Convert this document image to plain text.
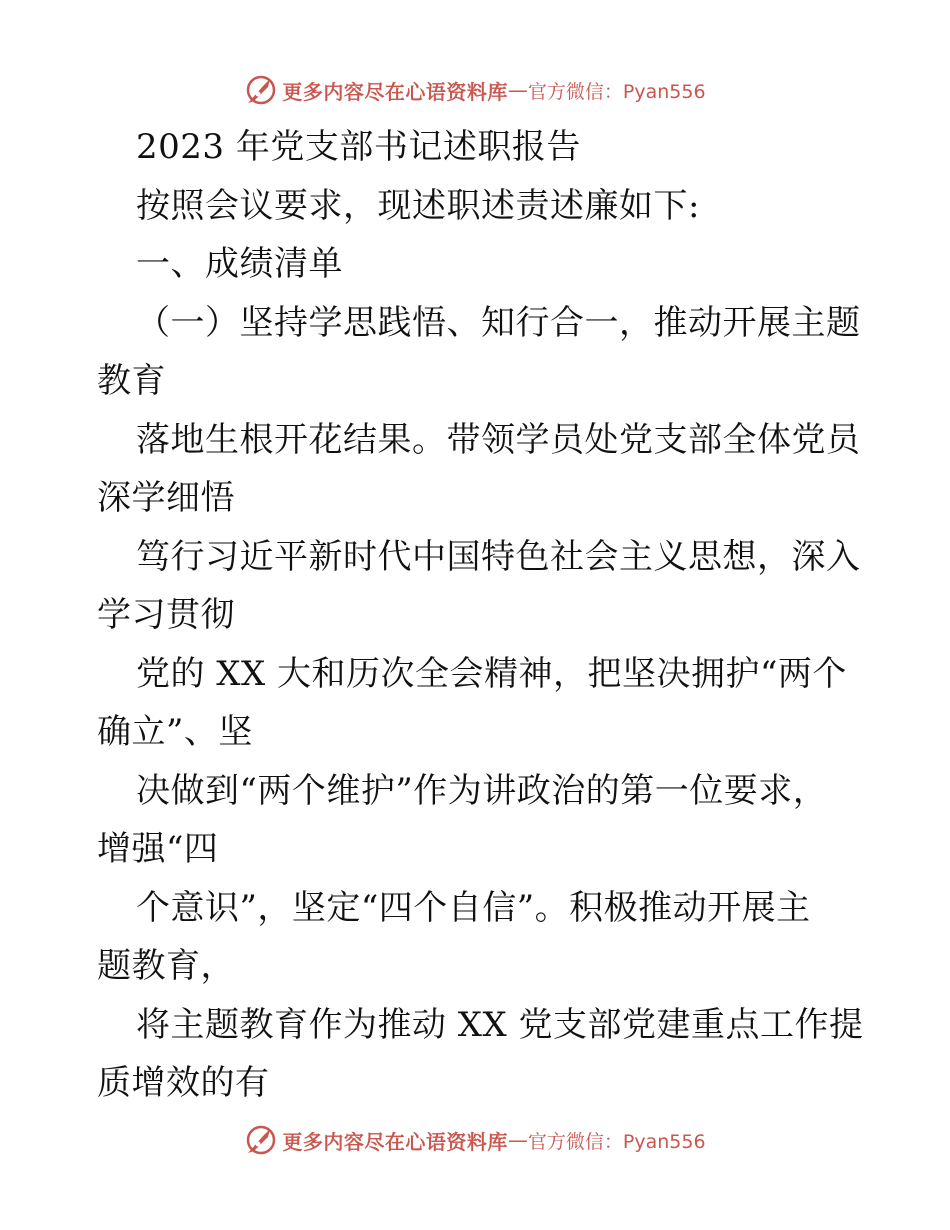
更多内容尽在心语资料库 — 官方微信：Pyan556
2023 年党支部书记述职报告
按照会议要求，现述职述责述廉如下:
一、成绩清单
（一）坚持学思践悟、知行合一，推动开展主题
教育
落地生根开花结果。带领学员处党支部全体党员
深学细悟
笃行习近平新时代中国特色社会主义思想，深入
学习贯彻
党的 XX 大和历次全会精神，把坚决拥护“两个
确立”、坚
决做到“两个维护”作为讲政治的第一位要求，
增强“四
个意识”，坚定“四个自信”。积极推动开展主
题教育，
将主题教育作为推动 XX 党支部党建重点工作提
质增效的有
更多内容尽在心语资料库 — 官方微信：Pyan556
